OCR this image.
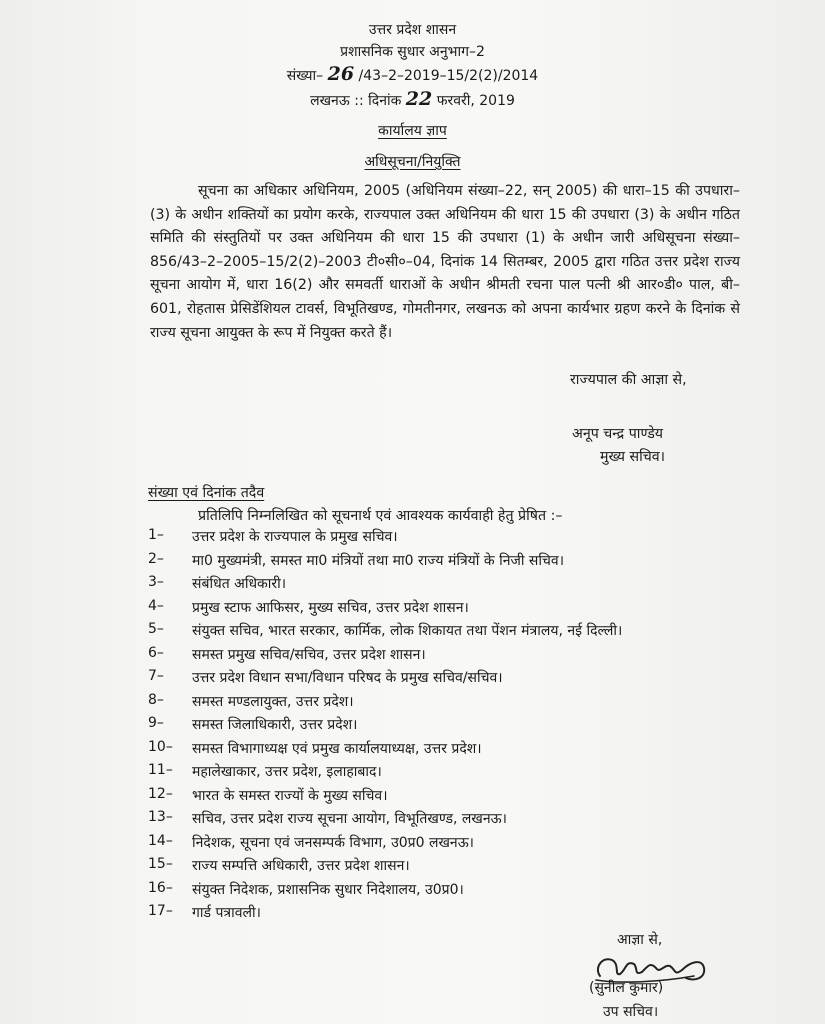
उत्तर प्रदेश शासन
प्रशासनिक सुधार अनुभाग–2
संख्या– 26 /43–2–2019–15/2(2)/2014
लखनऊ :: दिनांक 22 फरवरी, 2019
कार्यालय ज्ञाप
अधिसूचना/नियुक्ति
सूचना का अधिकार अधिनियम, 2005 (अधिनियम संख्या–22, सन् 2005) की धारा–15 की उपधारा–(3) के अधीन शक्तियों का प्रयोग करके, राज्यपाल उक्त अधिनियम की धारा 15 की उपधारा (3) के अधीन गठित समिति की संस्तुतियों पर उक्त अधिनियम की धारा 15 की उपधारा (1) के अधीन जारी अधिसूचना संख्या–856/43–2–2005–15/2(2)–2003 टी०सी०–04, दिनांक 14 सितम्बर, 2005 द्वारा गठित उत्तर प्रदेश राज्य सूचना आयोग में, धारा 16(2) और समवर्ती धाराओं के अधीन श्रीमती रचना पाल पत्नी श्री आर०डी० पाल, बी–601, रोहतास प्रेसिडेंशियल टावर्स, विभूतिखण्ड, गोमतीनगर, लखनऊ को अपना कार्यभार ग्रहण करने के दिनांक से राज्य सूचना आयुक्त के रूप में नियुक्त करते हैं।
राज्यपाल की आज्ञा से,
अनूप चन्द्र पाण्डेय
मुख्य सचिव।
संख्या एवं दिनांक तदैव
प्रतिलिपि निम्नलिखित को सूचनार्थ एवं आवश्यक कार्यवाही हेतु प्रेषित :–
1– उत्तर प्रदेश के राज्यपाल के प्रमुख सचिव।
2– मा0 मुख्यमंत्री, समस्त मा0 मंत्रियों तथा मा0 राज्य मंत्रियों के निजी सचिव।
3– संबंधित अधिकारी।
4– प्रमुख स्टाफ आफिसर, मुख्य सचिव, उत्तर प्रदेश शासन।
5– संयुक्त सचिव, भारत सरकार, कार्मिक, लोक शिकायत तथा पेंशन मंत्रालय, नई दिल्ली।
6– समस्त प्रमुख सचिव/सचिव, उत्तर प्रदेश शासन।
7– उत्तर प्रदेश विधान सभा/विधान परिषद के प्रमुख सचिव/सचिव।
8– समस्त मण्डलायुक्त, उत्तर प्रदेश।
9– समस्त जिलाधिकारी, उत्तर प्रदेश।
10– समस्त विभागाध्यक्ष एवं प्रमुख कार्यालयाध्यक्ष, उत्तर प्रदेश।
11– महालेखाकार, उत्तर प्रदेश, इलाहाबाद।
12– भारत के समस्त राज्यों के मुख्य सचिव।
13– सचिव, उत्तर प्रदेश राज्य सूचना आयोग, विभूतिखण्ड, लखनऊ।
14– निदेशक, सूचना एवं जनसम्पर्क विभाग, उ0प्र0 लखनऊ।
15– राज्य सम्पत्ति अधिकारी, उत्तर प्रदेश शासन।
16– संयुक्त निदेशक, प्रशासनिक सुधार निदेशालय, उ0प्र0।
17– गार्ड पत्रावली।
आज्ञा से,
(सुनील कुमार)
उप सचिव।
